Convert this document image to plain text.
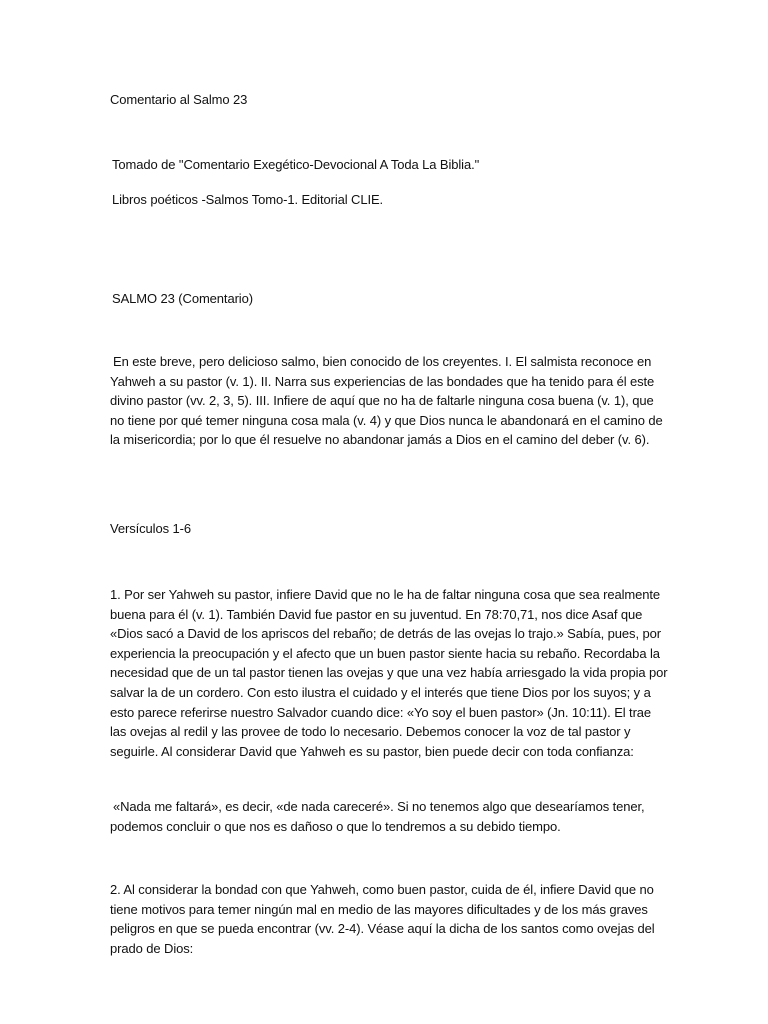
Comentario al Salmo 23
Tomado de "Comentario Exegético-Devocional A Toda La Biblia."
Libros poéticos -Salmos Tomo-1. Editorial CLIE.
SALMO 23 (Comentario)
En este breve, pero delicioso salmo, bien conocido de los creyentes. I. El salmista reconoce en Yahweh a su pastor (v. 1). II. Narra sus experiencias de las bondades que ha tenido para él este divino pastor (vv. 2, 3, 5). III. Infiere de aquí que no ha de faltarle ninguna cosa buena (v. 1), que no tiene por qué temer ninguna cosa mala (v. 4) y que Dios nunca le abandonará en el camino de la misericordia; por lo que él resuelve no abandonar jamás a Dios en el camino del deber (v. 6).
Versículos 1-6
1. Por ser Yahweh su pastor, infiere David que no le ha de faltar ninguna cosa que sea realmente buena para él (v. 1). También David fue pastor en su juventud. En 78:70,71, nos dice Asaf que «Dios sacó a David de los apriscos del rebaño; de detrás de las ovejas lo trajo.» Sabía, pues, por experiencia la preocupación y el afecto que un buen pastor siente hacia su rebaño. Recordaba la necesidad que de un tal pastor tienen las ovejas y que una vez había arriesgado la vida propia por salvar la de un cordero. Con esto ilustra el cuidado y el interés que tiene Dios por los suyos; y a esto parece referirse nuestro Salvador cuando dice: «Yo soy el buen pastor» (Jn. 10:11). El trae las ovejas al redil y las provee de todo lo necesario. Debemos conocer la voz de tal pastor y seguirle. Al considerar David que Yahweh es su pastor, bien puede decir con toda confianza:
«Nada me faltará», es decir, «de nada careceré». Si no tenemos algo que desearíamos tener, podemos concluir o que nos es dañoso o que lo tendremos a su debido tiempo.
2. Al considerar la bondad con que Yahweh, como buen pastor, cuida de él, infiere David que no tiene motivos para temer ningún mal en medio de las mayores dificultades y de los más graves peligros en que se pueda encontrar (vv. 2-4). Véase aquí la dicha de los santos como ovejas del prado de Dios:
